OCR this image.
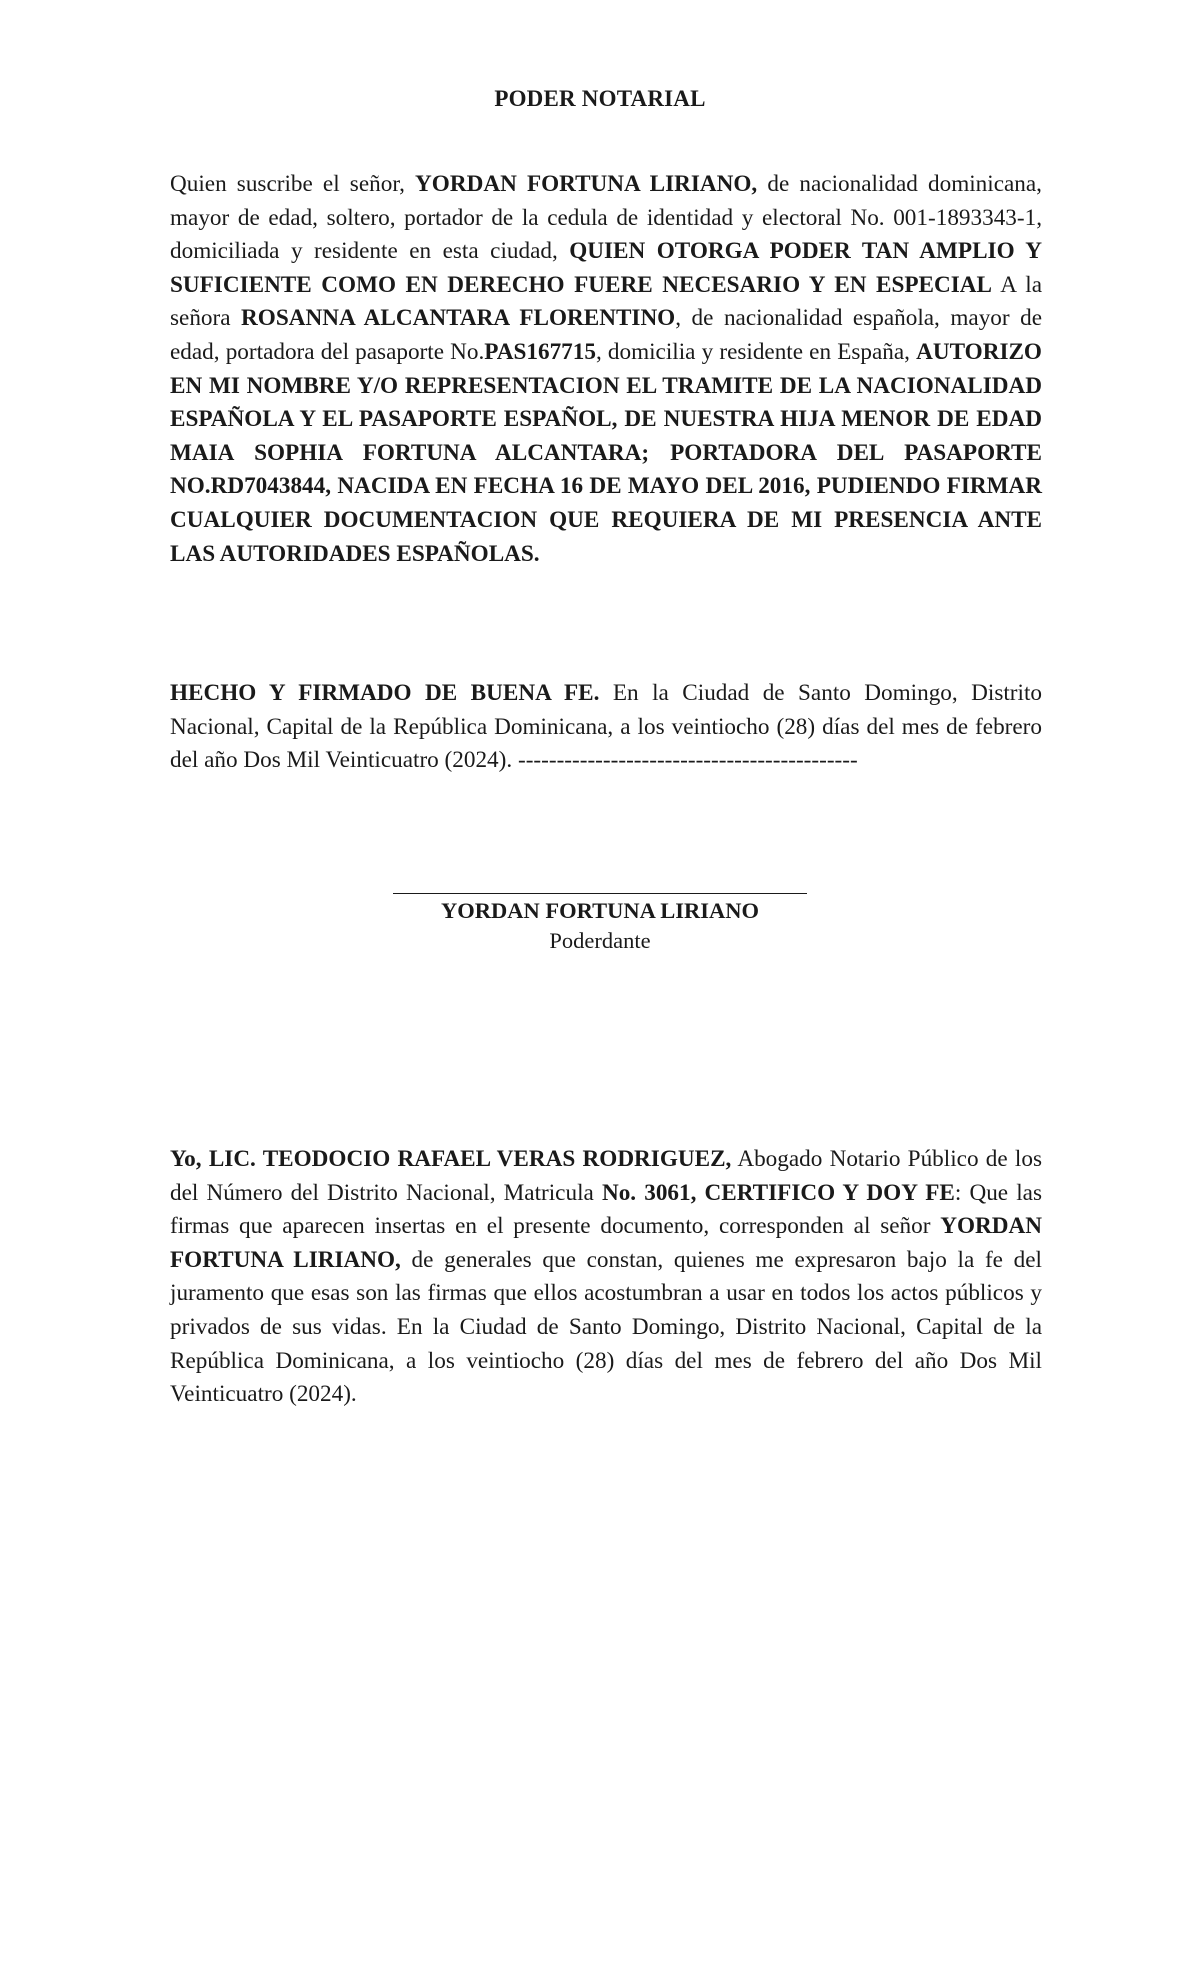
PODER NOTARIAL

Quien suscribe el señor, YORDAN FORTUNA LIRIANO, de nacionalidad dominicana, mayor de edad, soltero, portador de la cedula de identidad y electoral No. 001-1893343-1, domiciliada y residente en esta ciudad, QUIEN OTORGA PODER TAN AMPLIO Y SUFICIENTE COMO EN DERECHO FUERE NECESARIO Y EN ESPECIAL A la señora ROSANNA ALCANTARA FLORENTINO, de nacionalidad española, mayor de edad, portadora del pasaporte No.PAS167715, domicilia y residente en España, AUTORIZO EN MI NOMBRE Y/O REPRESENTACION EL TRAMITE DE LA NACIONALIDAD ESPAÑOLA Y EL PASAPORTE ESPAÑOL, DE NUESTRA HIJA MENOR DE EDAD MAIA SOPHIA FORTUNA ALCANTARA; PORTADORA DEL PASAPORTE NO.RD7043844, NACIDA EN FECHA 16 DE MAYO DEL 2016, PUDIENDO FIRMAR CUALQUIER DOCUMENTACION QUE REQUIERA DE MI PRESENCIA ANTE LAS AUTORIDADES ESPAÑOLAS.

HECHO Y FIRMADO DE BUENA FE. En la Ciudad de Santo Domingo, Distrito Nacional, Capital de la República Dominicana, a los veintiocho (28) días del mes de febrero del año Dos Mil Veinticuatro (2024). --------------------------------------------

YORDAN FORTUNA LIRIANO
Poderdante

Yo, LIC. TEODOCIO RAFAEL VERAS RODRIGUEZ, Abogado Notario Público de los del Número del Distrito Nacional, Matricula No. 3061, CERTIFICO Y DOY FE: Que las firmas que aparecen insertas en el presente documento, corresponden al señor YORDAN FORTUNA LIRIANO, de generales que constan, quienes me expresaron bajo la fe del juramento que esas son las firmas que ellos acostumbran a usar en todos los actos públicos y privados de sus vidas. En la Ciudad de Santo Domingo, Distrito Nacional, Capital de la República Dominicana, a los veintiocho (28) días del mes de febrero del año Dos Mil Veinticuatro (2024).
